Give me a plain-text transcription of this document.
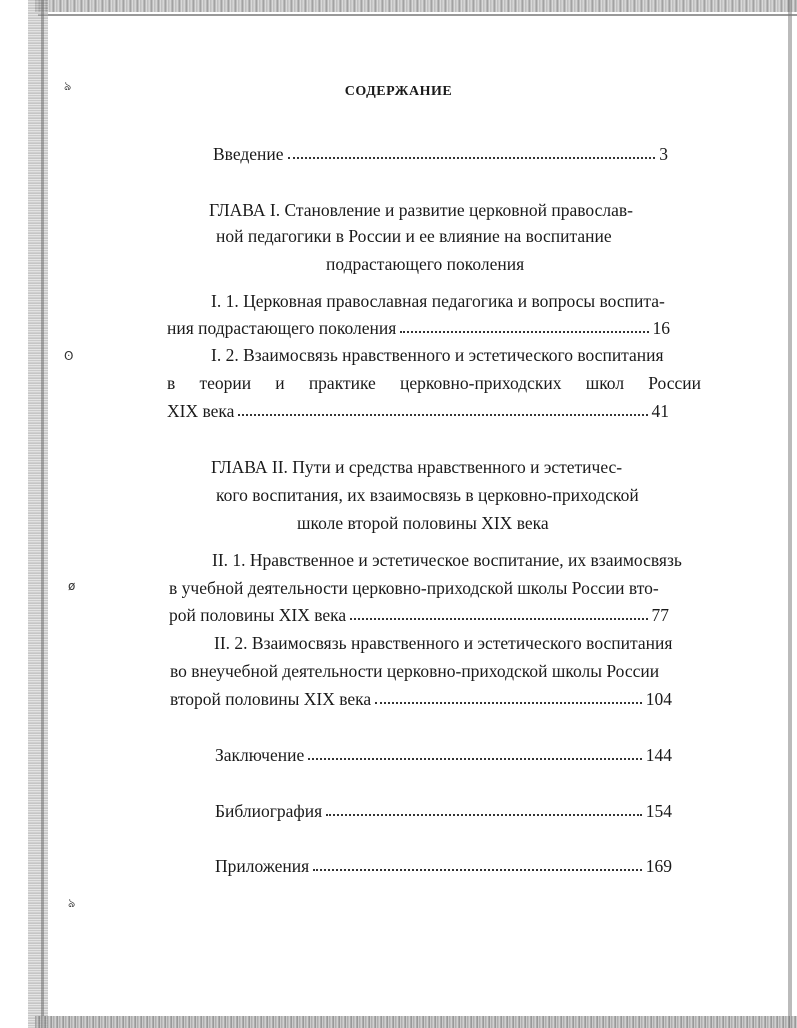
ঌ
ʘ
ø
ঌ
СОДЕРЖАНИЕ
Введение	3
ГЛАВА I. Становление и развитие церковной православ-
ной педагогики в России и ее влияние на воспитание
подрастающего поколения
I. 1. Церковная православная педагогика и вопросы воспита-
ния подрастающего поколения	16
I. 2. Взаимосвязь нравственного и эстетического воспитания
в теории и практике церковно-приходских школ России
XIX века	41
ГЛАВА II. Пути и средства нравственного и эстетичес-
кого воспитания, их взаимосвязь в церковно-приходской
школе второй половины XIX века
II. 1. Нравственное и эстетическое воспитание, их взаимосвязь
в учебной деятельности церковно-приходской школы России вто-
рой половины XIX века	77
II. 2. Взаимосвязь нравственного и эстетического воспитания
во внеучебной деятельности церковно-приходской школы России
второй половины XIX века	104
Заключение	144
Библиография	154
Приложения	169
